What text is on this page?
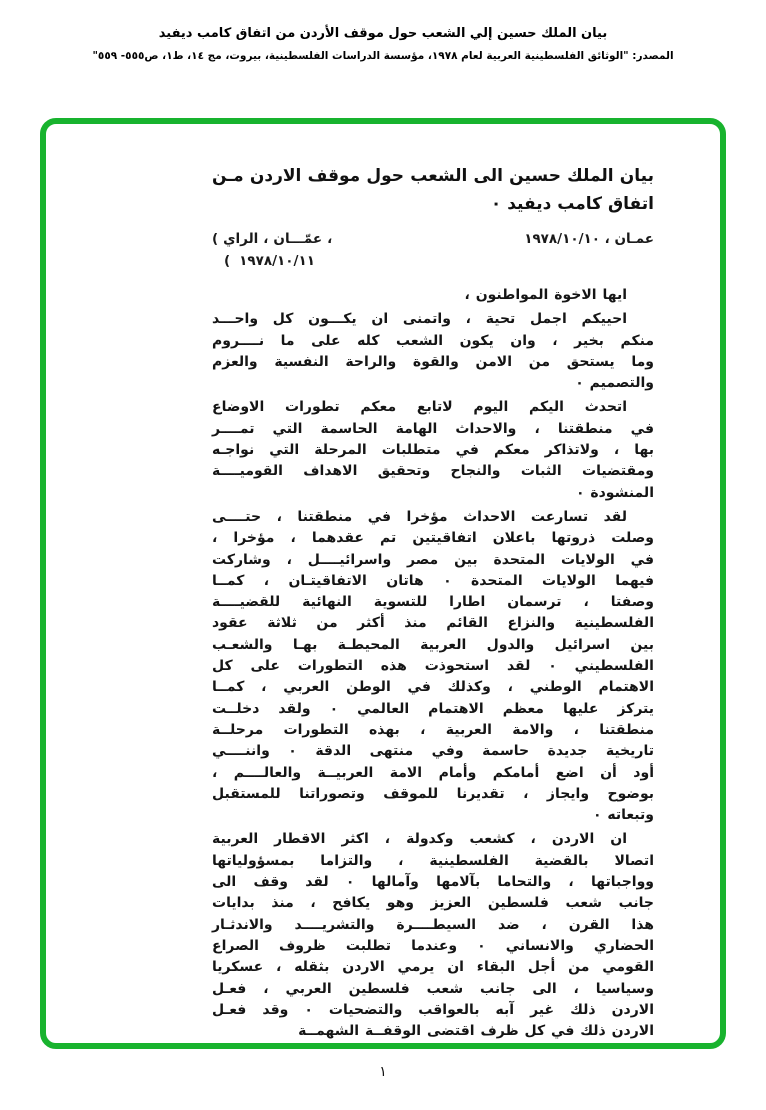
بيان الملك حسين إلي الشعب حول موقف الأردن من اتفاق كامب ديفيد
المصدر: "الوثائق الفلسطينية العربية لعام ١٩٧٨، مؤسسة الدراسات الفلسطينية، بيروت، مج ١٤، ط١، ص٥٥٥- ٥٥٩"
بيان الملك حسين الى الشعب حول موقف الاردن مـن
اتفاق كامب ديفيد ٠
( الراي ، عمّـــان ،
( ١٩٧٨/١٠/١١
عمـان ، ١٩٧٨/١٠/١٠
ايها الاخوة المواطنون ،
احييكم اجمل تحية ، واتمنى ان يكـــون كل واحـــد
منكم بخير ، وان يكون الشعب كله على ما نــــروم
وما يستحق من الامن والقوة والراحة النفسية والعزم
والتصميم ٠
اتحدث اليكم اليوم لاتابع معكم تطورات الاوضاع
في منطقتنا ، والاحداث الهامة الحاسمة التي تمــــر
بها ، ولاتذاكر معكم في متطلبات المرحلة التي نواجـه
ومقتضيات الثبات والنجاح وتحقيق الاهداف القوميــــة
المنشودة ٠
لقد تسارعت الاحداث مؤخرا في منطقتنا ، حتــــى
وصلت ذروتها باعلان اتفاقيتين تم عقدهما ، مؤخرا ،
في الولايات المتحدة بين مصر واسرائيــــل ، وشاركت
فيهما الولايات المتحدة ٠ هاتان الاتفاقيتـان ، كمــا
وصفتا ، ترسمان اطارا للتسوية النهائية للقضيــــة
الفلسطينية والنزاع القائم منذ أكثر من ثلاثة عقود
بين اسرائيل والدول العربية المحيطـة بهـا والشعـب
الفلسطيني ٠ لقد استحوذت هذه التطورات على كل
الاهتمام الوطني ، وكذلك في الوطن العربي ، كمــا
يتركز عليها معظم الاهتمام العالمي ٠ ولقد دخلــت
منطقتنا ، والامة العربية ، بهذه التطورات مرحلــة
تاريخية جديدة حاسمة وفي منتهى الدقة ٠ واننــــي
أود أن اضع أمامكم وأمام الامة العربيــة والعالــــم ،
بوضوح وايجاز ، تقديرنا للموقف وتصوراتنا للمستقبل
وتبعاته ٠
ان الاردن ، كشعب وكدولة ، اكثر الاقطار العربية
اتصالا بالقضية الفلسطينية ، والتزاما بمسؤولياتها
وواجباتها ، والتحاما بآلامها وآمالها ٠ لقد وقف الى
جانب شعب فلسطين العزيز وهو يكافح ، منذ بدايات
هذا القرن ، ضد السيطــــرة والتشريــــد والاندثـار
الحضاري والانساني ٠ وعندما تطلبت ظروف الصراع
القومي من أجل البقاء ان يرمي الاردن بثقله ، عسكريا
وسياسيا ، الى جانب شعب فلسطين العربي ، فعـل
الاردن ذلك غير آبه بالعواقب والتضحيات ٠ وقد فعـل
الاردن ذلك في كل ظرف اقتضى الوقفــة الشهمــة
١
